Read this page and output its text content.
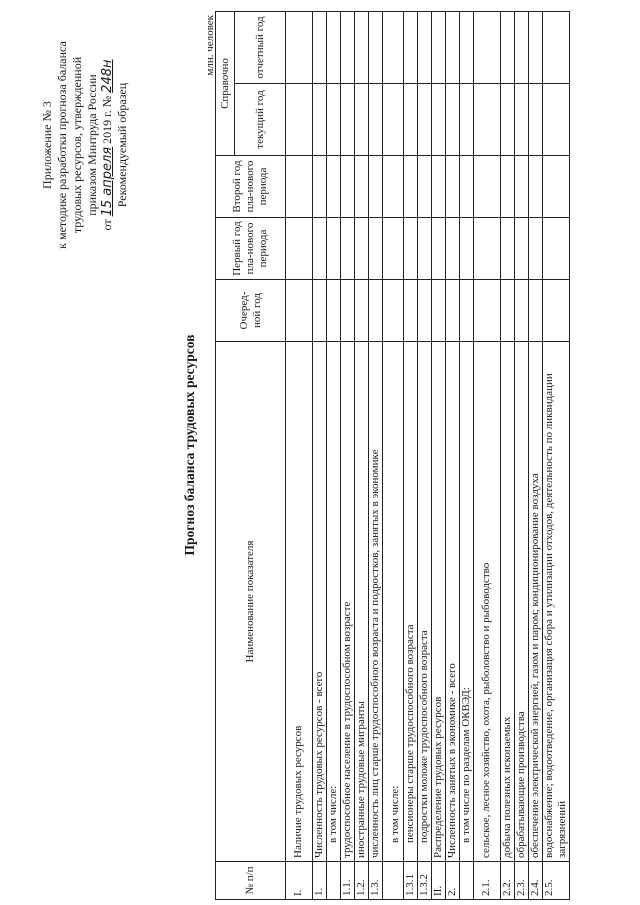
Приложение № 3 к методике разработки прогноза баланса трудовых ресурсов, утвержденной приказом Минтруда России
от 15 апреля 2019 г. № 248н
Рекомендуемый образец
Прогноз баланса трудовых ресурсов
млн. человек
№ п/п	Наименование показателя	Очеред-ной год	Первый год пла-нового периода	Второй год пла-нового периода	Справочно	
					текущий год	отчетный год
I.	Наличие трудовых ресурсов					
1.	Численность трудовых ресурсов - всего					
	в том числе:					
1.1.	трудоспособное население в трудоспособном возрасте					
1.2.	иностранные трудовые мигранты					
1.3.	численность лиц старше трудоспособного возраста и подростков, занятых в экономике					
	в том числе:					
1.3.1	пенсионеры старше трудоспособного возраста					
1.3.2	подростки моложе трудоспособного возраста					
II.	Распределение трудовых ресурсов					
2.	Численность занятых в экономике - всего					
	в том числе по разделам ОКВЭД:					
2.1.	сельское, лесное хозяйство, охота, рыболовство и рыбоводство					
2.2.	добыча полезных ископаемых					
2.3.	обрабатывающие производства					
2.4.	обеспечение электрической энергией, газом и паром; кондиционирование воздуха					
2.5.	водоснабжение; водоотведение, организация сбора и утилизации отходов, деятельность по ликвидации загрязнений					
